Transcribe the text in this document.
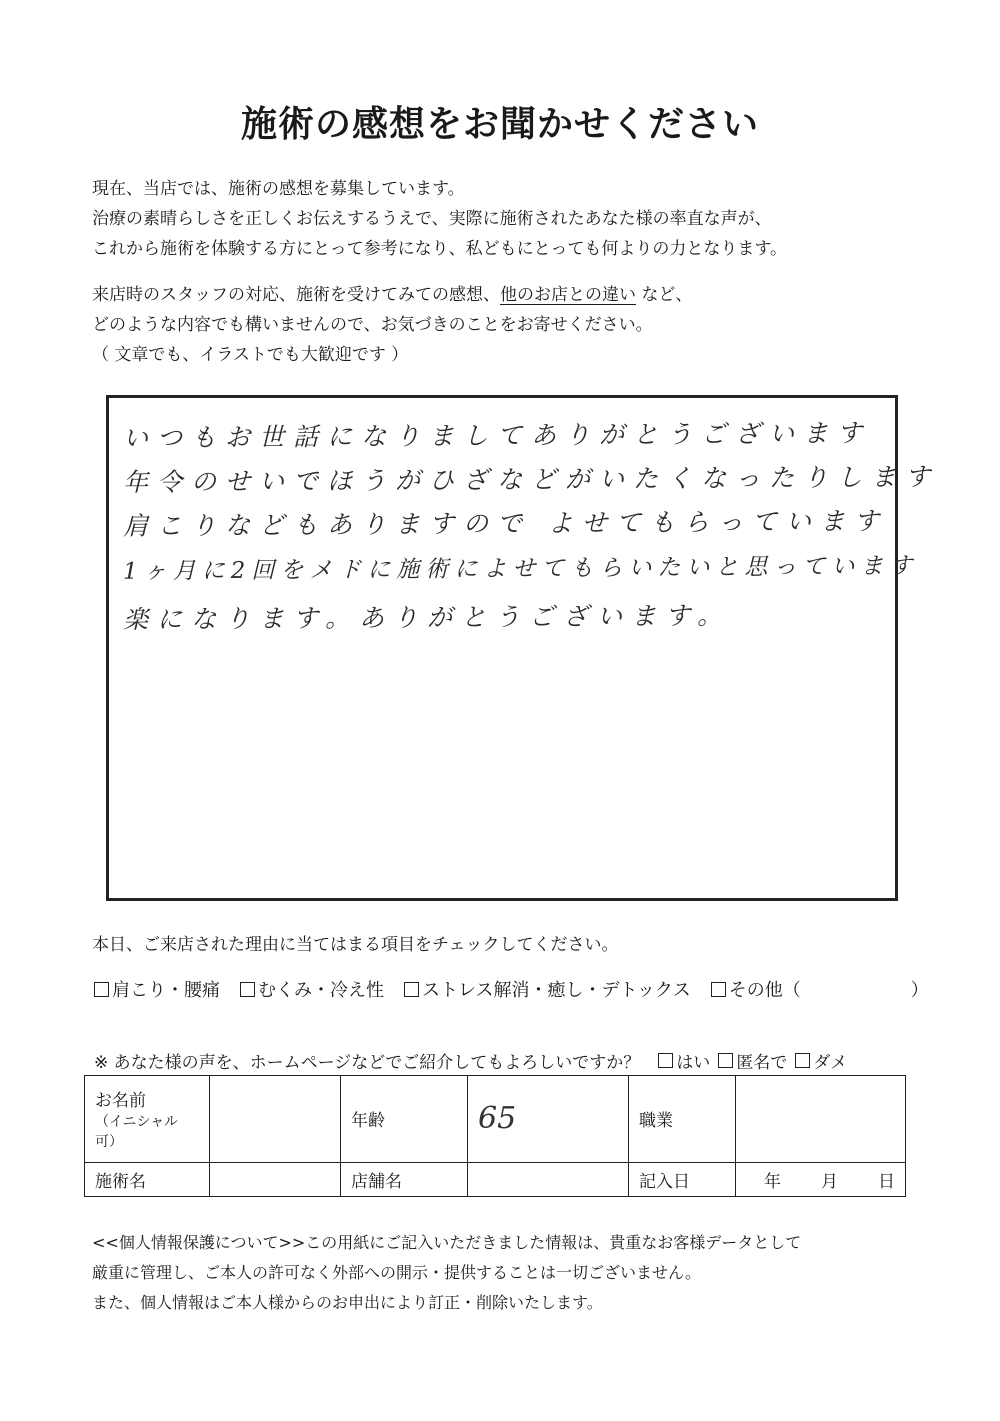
施術の感想をお聞かせください
現在、当店では、施術の感想を募集しています。
治療の素晴らしさを正しくお伝えするうえで、実際に施術されたあなた様の率直な声が、
これから施術を体験する方にとって参考になり、私どもにとっても何よりの力となります。
来店時のスタッフの対応、施術を受けてみての感想、他のお店との違い など、
どのような内容でも構いませんので、お気づきのことをお寄せください。
（ 文章でも、イラストでも大歓迎です ）
いつもお世話になりましてありがとうございます
年令のせいでほうがひざなどがいたくなったりします
肩こりなどもありますので よせてもらっています
1ヶ月に2回をメドに施術によせてもらいたいと思っています
楽になります。ありがとうございます。
本日、ご来店された理由に当てはまる項目をチェックしてください。
肩こり・腰痛 むくみ・冷え性 ストレス解消・癒し・デトックス その他（	）
※ あなた様の声を、ホームページなどでご紹介してもよろしいですか？ はい 匿名で ダメ
お名前
（イニシャル可）		年齢	65	職業	
施術名		店舗名		記入日	年 月 日
<<個人情報保護について>>この用紙にご記入いただきました情報は、貴重なお客様データとして
厳重に管理し、ご本人の許可なく外部への開示・提供することは一切ございません。
また、個人情報はご本人様からのお申出により訂正・削除いたします。
